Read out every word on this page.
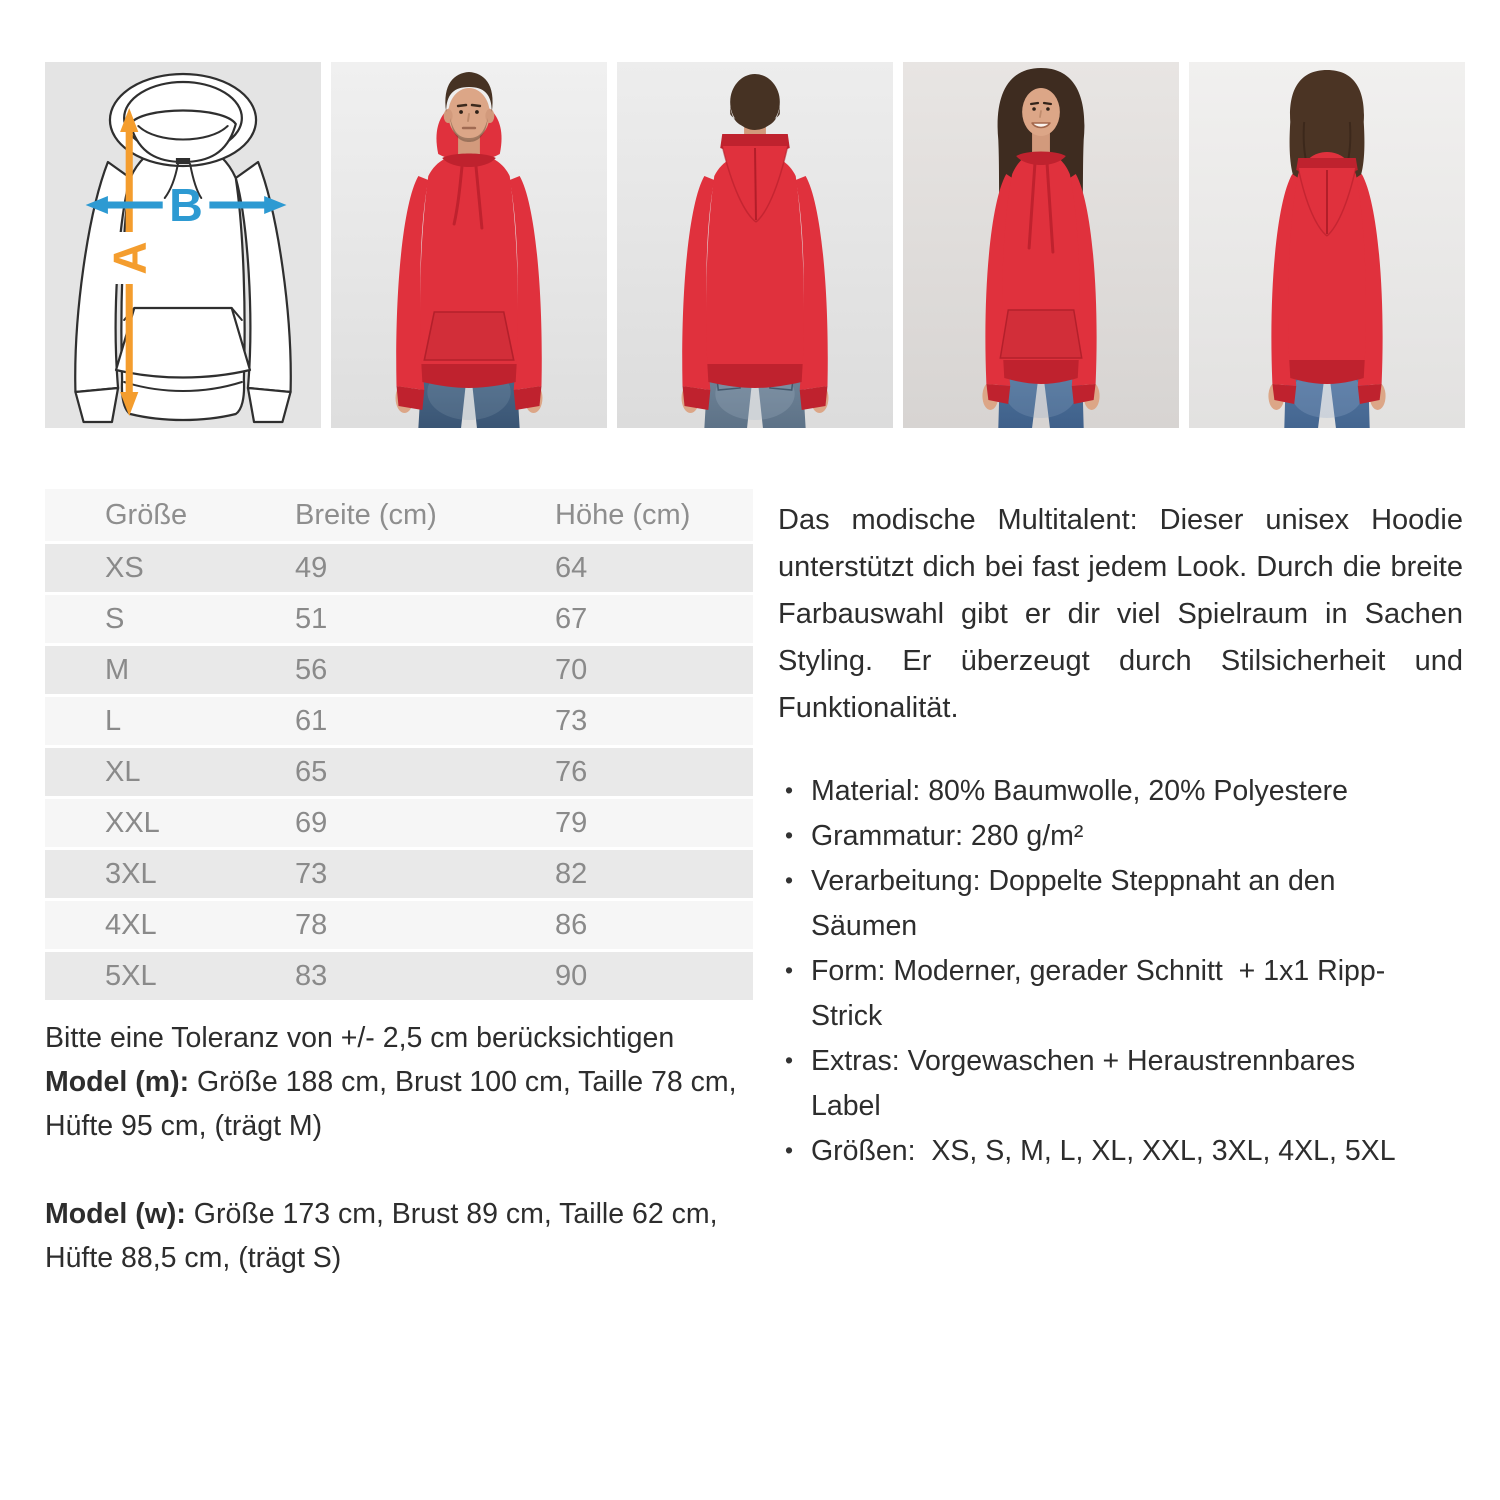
A
B
Größe	Breite (cm)	Höhe (cm)
XS	49	64
S	51	67
M	56	70
L	61	73
XL	65	76
XXL	69	79
3XL	73	82
4XL	78	86
5XL	83	90

Bitte eine Toleranz von +/- 2,5 cm berücksichtigen

Model (m): Größe 188 cm, Brust 100 cm, Taille 78 cm, Hüfte 95 cm, (trägt M)

Model (w): Größe 173 cm, Brust 89 cm, Taille 62 cm, Hüfte 88,5 cm, (trägt S)

Das modische Multitalent: Dieser unisex Hoodie unterstützt dich bei fast jedem Look. Durch die breite Farbauswahl gibt er dir viel Spielraum in Sachen Styling. Er überzeugt durch Stilsicherheit und Funktionalität.

• Material: 80% Baumwolle, 20% Polyestere
• Grammatur: 280 g/m²
• Verarbeitung: Doppelte Steppnaht an den Säumen
• Form: Moderner, gerader Schnitt  + 1x1 Ripp-Strick
• Extras: Vorgewaschen + Heraustrennbares Label
• Größen:  XS, S, M, L, XL, XXL, 3XL, 4XL, 5XL
